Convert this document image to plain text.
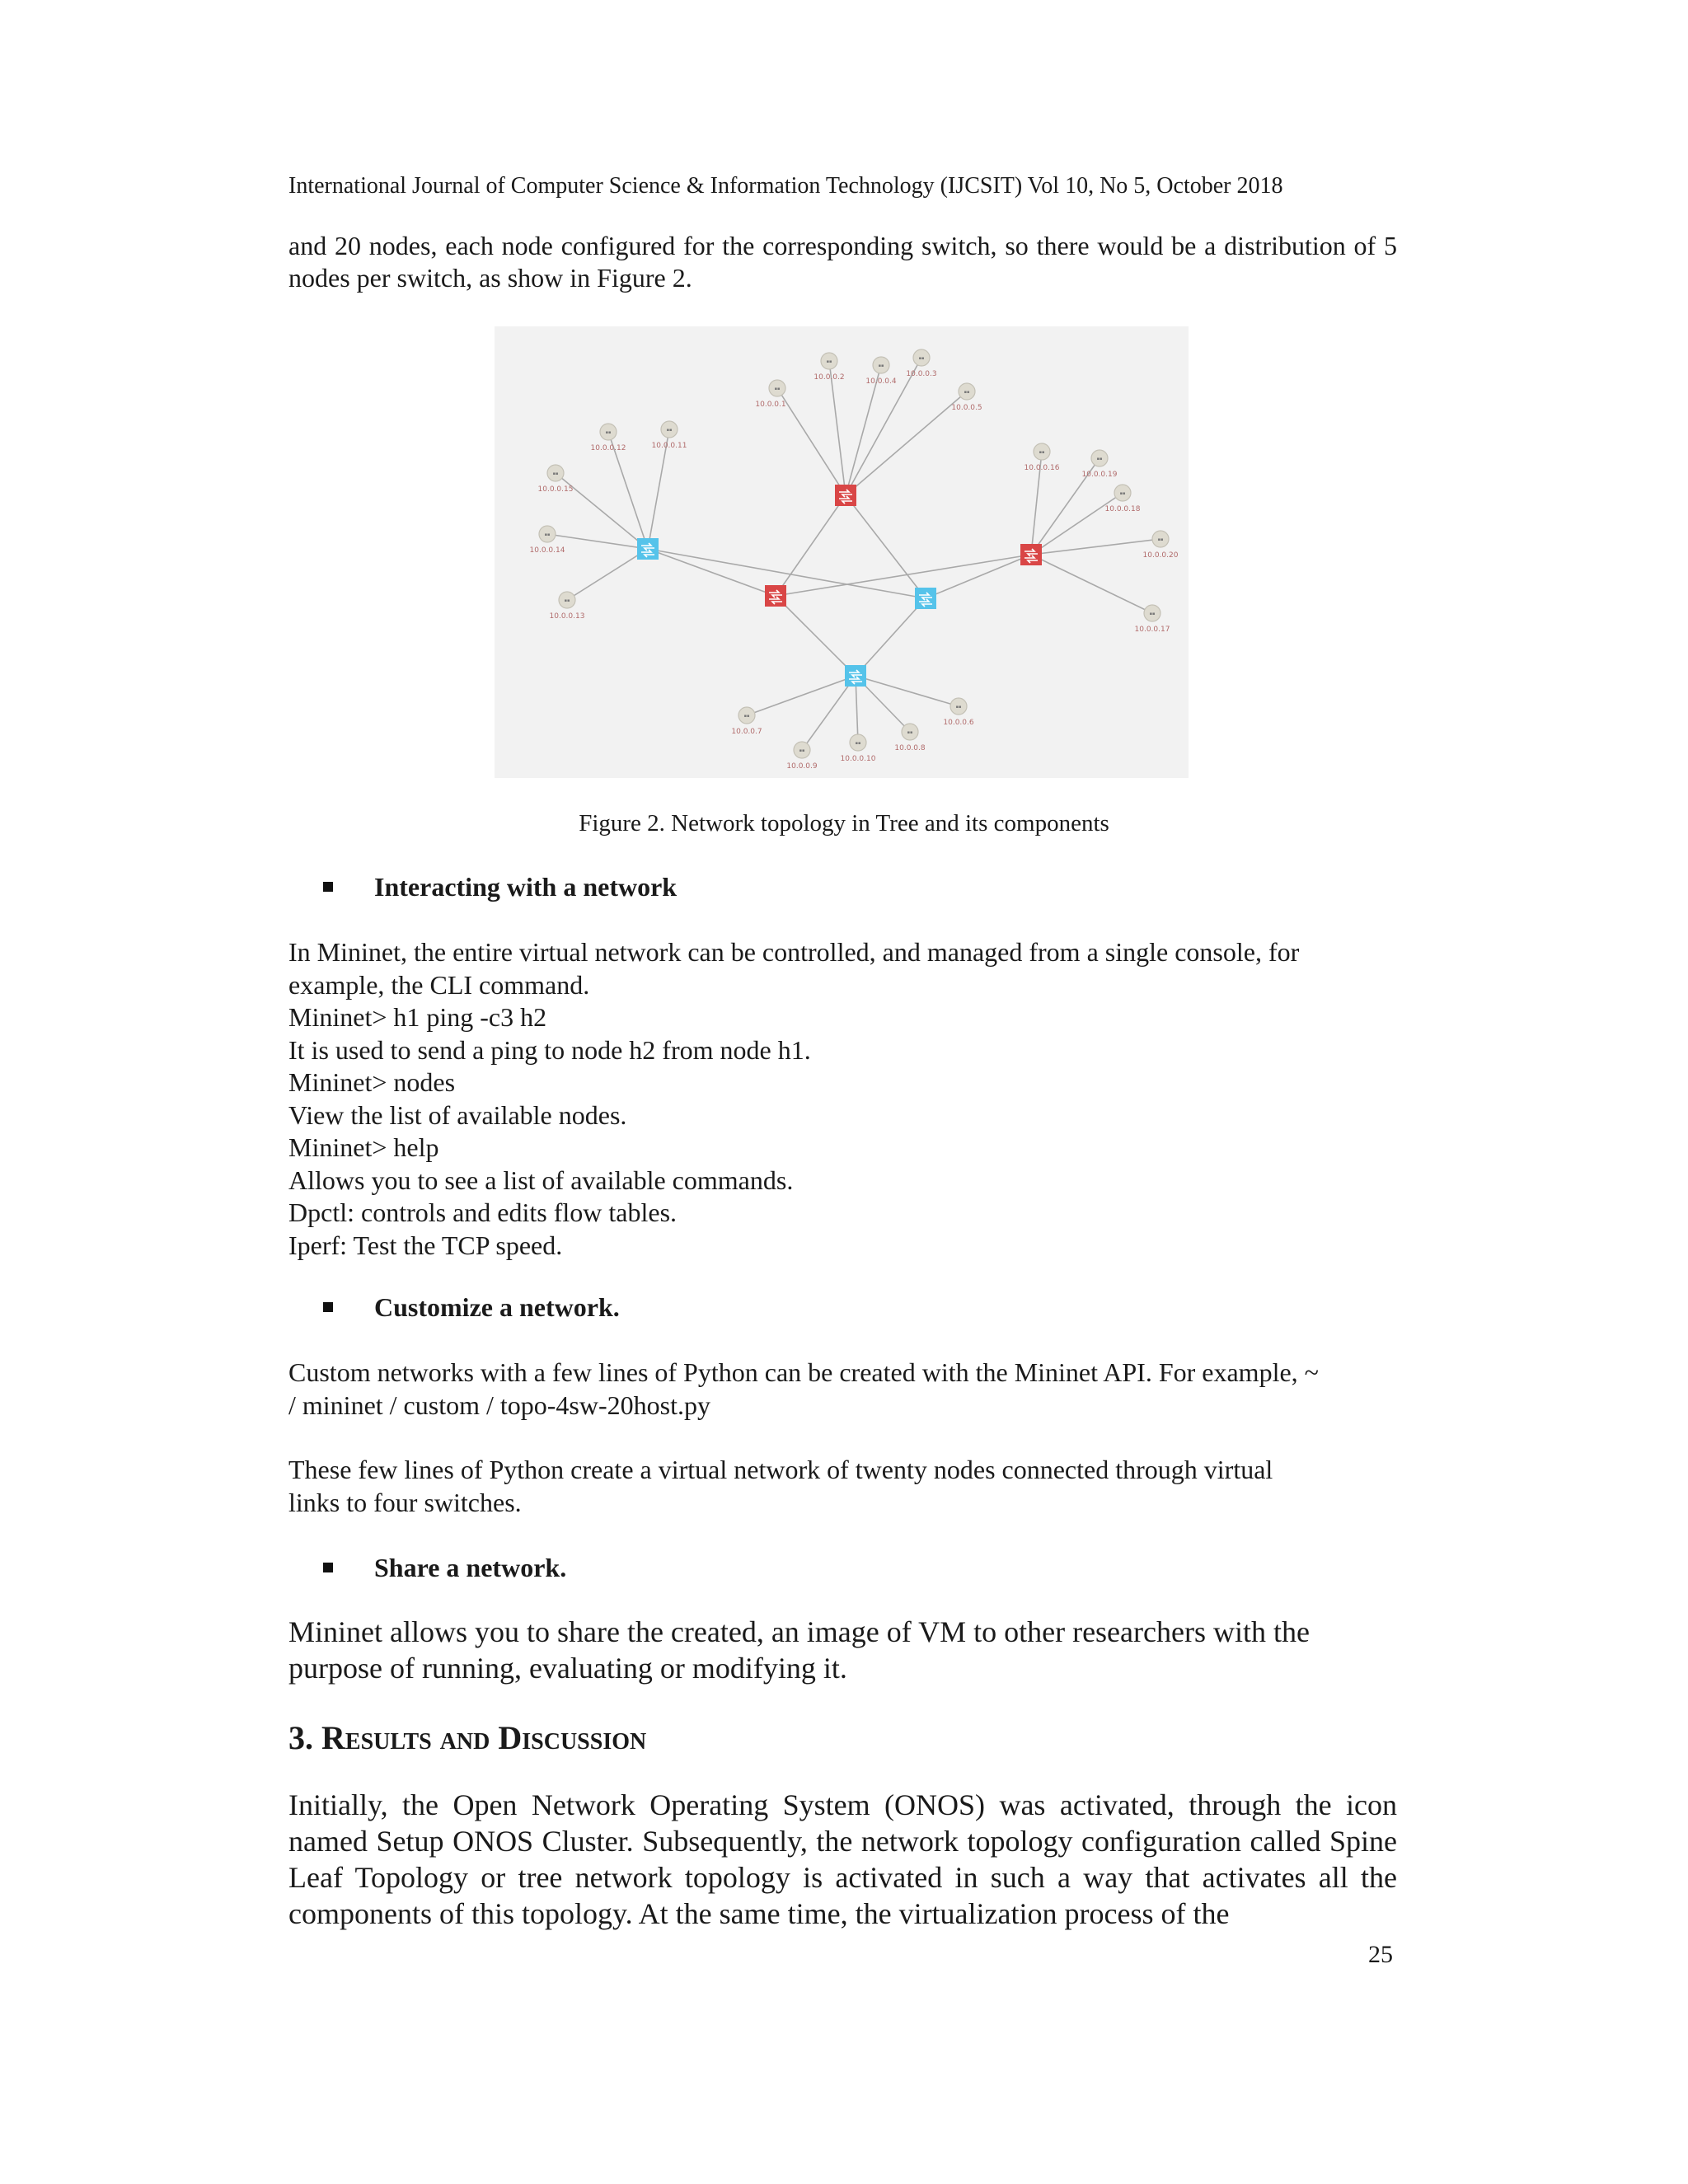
International Journal of Computer Science & Information Technology (IJCSIT) Vol 10, No 5, October 2018
and 20 nodes, each node configured for the corresponding switch, so there would be a distribution of 5 nodes per switch, as show in Figure 2.
▪▪
10.0.0.1
▪▪
10.0.0.2
▪▪
10.0.0.4
▪▪
10.0.0.3
▪▪
10.0.0.5
▪▪
10.0.0.12
▪▪
10.0.0.11
▪▪
10.0.0.15
▪▪
10.0.0.14
▪▪
10.0.0.13
▪▪
10.0.0.16
▪▪
10.0.0.19
▪▪
10.0.0.18
▪▪
10.0.0.20
▪▪
10.0.0.17
▪▪
10.0.0.7
▪▪
10.0.0.9
▪▪
10.0.0.10
▪▪
10.0.0.8
▪▪
10.0.0.6
Figure 2. Network topology in Tree and its components
Interacting with a network
In Mininet, the entire virtual network can be controlled, and managed from a single console, for
example, the CLI command.
Mininet> h1 ping -c3 h2
It is used to send a ping to node h2 from node h1.
Mininet> nodes
View the list of available nodes.
Mininet> help
Allows you to see a list of available commands.
Dpctl: controls and edits flow tables.
Iperf: Test the TCP speed.
Customize a network.
Custom networks with a few lines of Python can be created with the Mininet API. For example, ~
/ mininet / custom / topo-4sw-20host.py
These few lines of Python create a virtual network of twenty nodes connected through virtual
links to four switches.
Share a network.
Mininet allows you to share the created, an image of VM to other researchers with the
purpose of running, evaluating or modifying it.
3. Results and Discussion
Initially, the Open Network Operating System (ONOS) was activated, through the icon named Setup ONOS Cluster. Subsequently, the network topology configuration called Spine Leaf Topology or tree network topology is activated in such a way that activates all the components of this topology. At the same time, the virtualization process of the
25
